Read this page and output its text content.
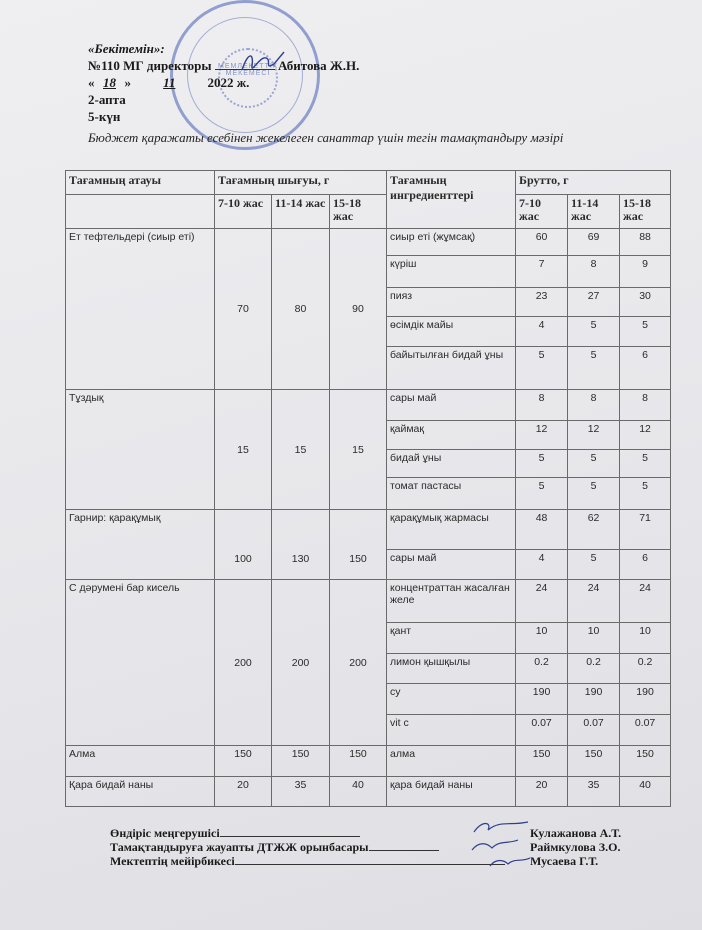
МЕМЛЕКЕТТІК МЕКЕМЕСІ
«Бекітемін»:
№110 МГ директоры	Абитова Ж.Н.
« 18 » 11 2022 ж.
2-апта
5-күн
Бюджет қаражаты есебінен жекелеген санаттар үшін тегін тамақтандыру мәзірі
Тағамның атауы	Тағамның шығуы, г			Тағамның ингредиенттері	Брутто, г		
	7-10 жас	11-14 жас	15-18 жас		7-10 жас	11-14 жас	15-18 жас
Ет тефтельдері (сиыр еті)	70	80	90	сиыр еті (жұмсақ)	60	69	88
				күріш	7	8	9
				пияз	23	27	30
				өсімдік майы	4	5	5
				байытылған бидай ұны	5	5	6
Тұздық	15	15	15	сары май	8	8	8
				қаймақ	12	12	12
				бидай ұны	5	5	5
				томат пастасы	5	5	5
Гарнир: қарақұмық	100	130	150	қарақұмық жармасы	48	62	71
				сары май	4	5	6
С дәрумені бар кисель	200	200	200	концентраттан жасалған желе	24	24	24
				қант	10	10	10
				лимон қышқылы	0.2	0.2	0.2
				су	190	190	190
				vit c	0.07	0.07	0.07
Алма	150	150	150	алма	150	150	150
Қара бидай наны	20	35	40	қара бидай наны	20	35	40
Өндіріс меңгерушісі	Кулажанова А.Т.
Тамақтандыруға жауапты ДТЖЖ орынбасары	Раймкулова З.О.
Мектептің мейірбикесі	Мусаева Г.Т.
